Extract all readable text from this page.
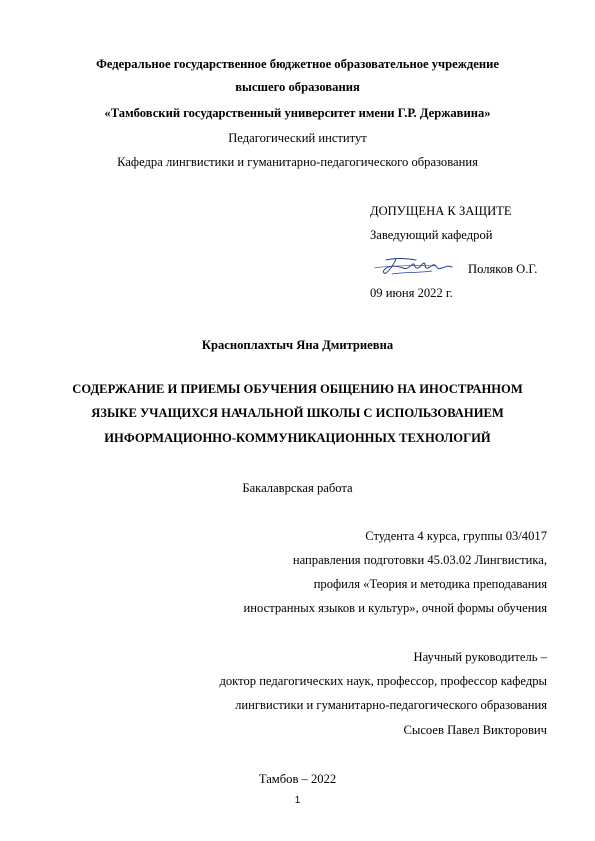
Федеральное государственное бюджетное образовательное учреждение
высшего образования
«Тамбовский государственный университет имени Г.Р. Державина»
Педагогический институт
Кафедра лингвистики и гуманитарно-педагогического образования
ДОПУЩЕНА К ЗАЩИТЕ
Заведующий кафедрой
Поляков О.Г.
09 июня 2022 г.
Красноплахтыч Яна Дмитриевна
СОДЕРЖАНИЕ И ПРИЕМЫ ОБУЧЕНИЯ ОБЩЕНИЮ НА ИНОСТРАННОМ
ЯЗЫКЕ УЧАЩИХСЯ НАЧАЛЬНОЙ ШКОЛЫ С ИСПОЛЬЗОВАНИЕМ
ИНФОРМАЦИОННО-КОММУНИКАЦИОННЫХ ТЕХНОЛОГИЙ
Бакалаврская работа
Студента 4 курса, группы 03/4017
направления подготовки 45.03.02 Лингвистика,
профиля «Теория и методика преподавания
иностранных языков и культур», очной формы обучения
Научный руководитель –
доктор педагогических наук, профессор, профессор кафедры
лингвистики и гуманитарно-педагогического образования
Сысоев Павел Викторович
Тамбов – 2022
1
